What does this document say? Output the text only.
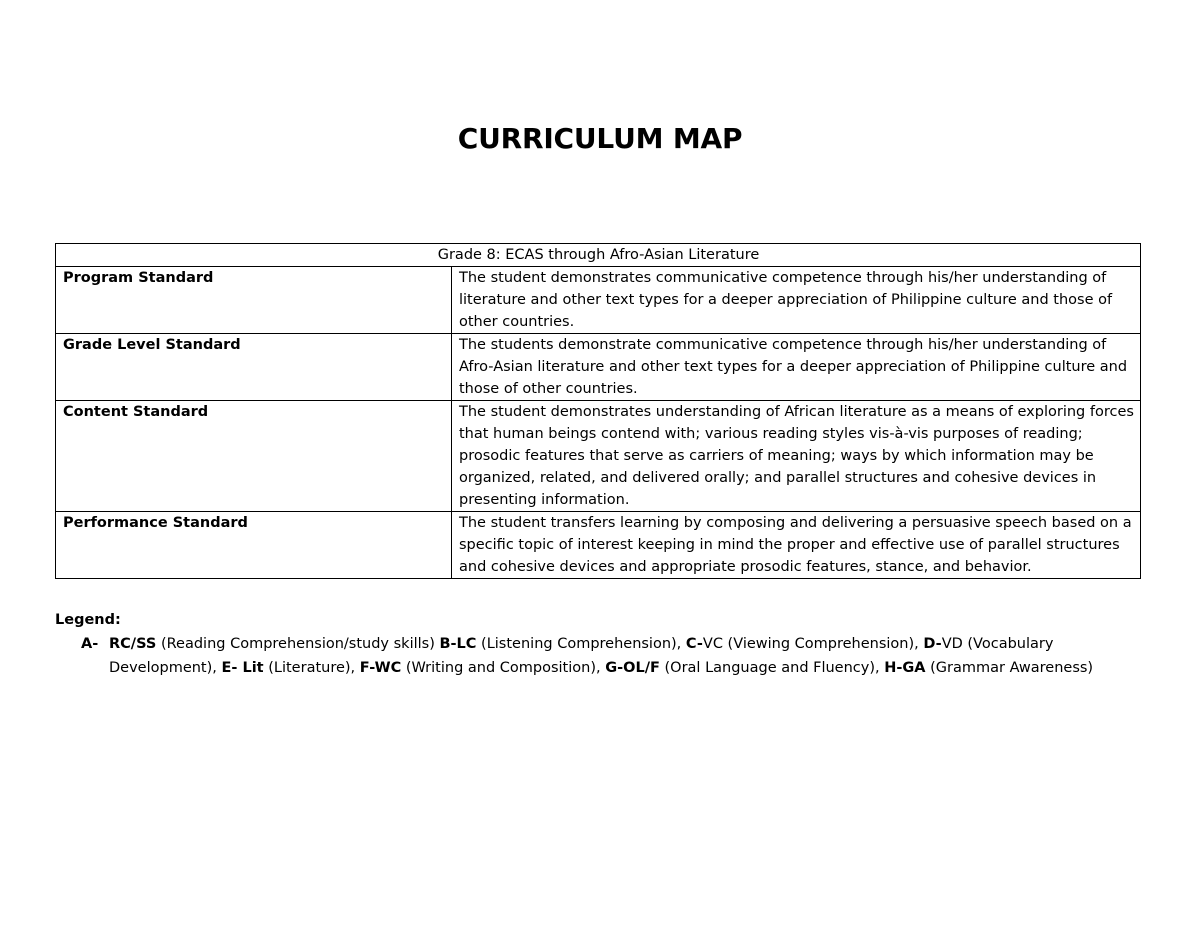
CURRICULUM MAP
Grade 8: ECAS through Afro-Asian Literature	
Program Standard	The student demonstrates communicative competence through his/her understanding of literature and other text types for a deeper appreciation of Philippine culture and those of other countries.
Grade Level Standard	The students demonstrate communicative competence through his/her understanding of Afro-Asian literature and other text types for a deeper appreciation of Philippine culture and those of other countries.
Content Standard	The student demonstrates understanding of African literature as a means of exploring forces that human beings contend with; various reading styles vis-à-vis purposes of reading; prosodic features that serve as carriers of meaning; ways by which information may be organized, related, and delivered orally; and parallel structures and cohesive devices in presenting information.
Performance Standard	The student transfers learning by composing and delivering a persuasive speech based on a specific topic of interest keeping in mind the proper and effective use of parallel structures and cohesive devices and appropriate prosodic features, stance, and behavior.

Legend:

A- RC/SS (Reading Comprehension/study skills) B-LC (Listening Comprehension), C-VC (Viewing Comprehension), D-VD (Vocabulary Development), E- Lit (Literature), F-WC (Writing and Composition), G-OL/F (Oral Language and Fluency), H-GA (Grammar Awareness)
